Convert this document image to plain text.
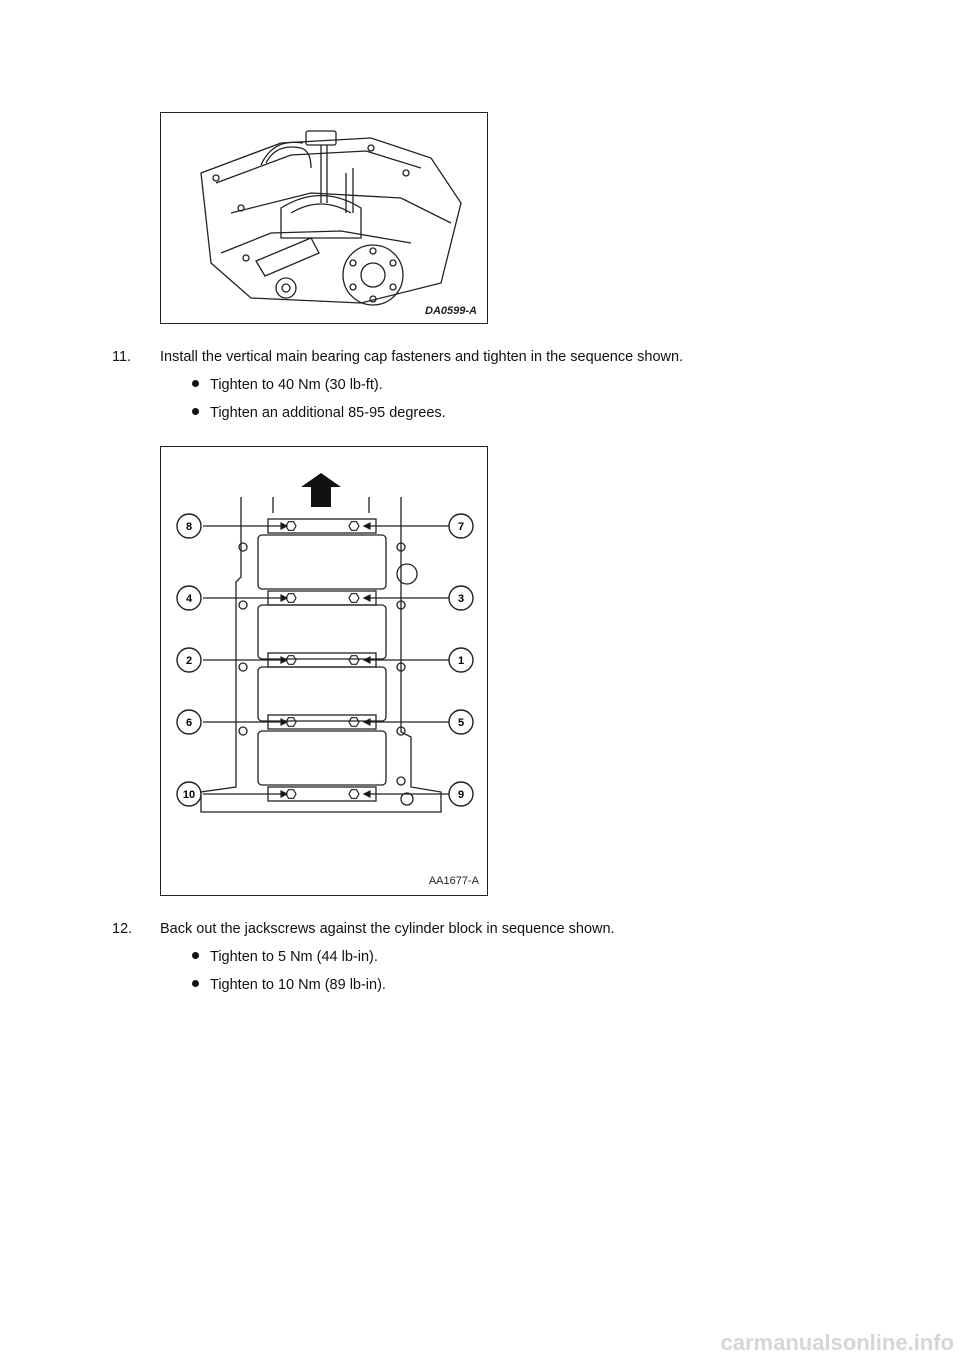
DA0599-A
11. Install the vertical main bearing cap fasteners and tighten in the sequence shown.
Tighten to 40 Nm (30 lb-ft).
Tighten an additional 85-95 degrees.
8	7
4	3
2	1
6	5
10	9
AA1677-A
12. Back out the jackscrews against the cylinder block in sequence shown.
Tighten to 5 Nm (44 lb-in).
Tighten to 10 Nm (89 lb-in).
carmanualsonline.info
